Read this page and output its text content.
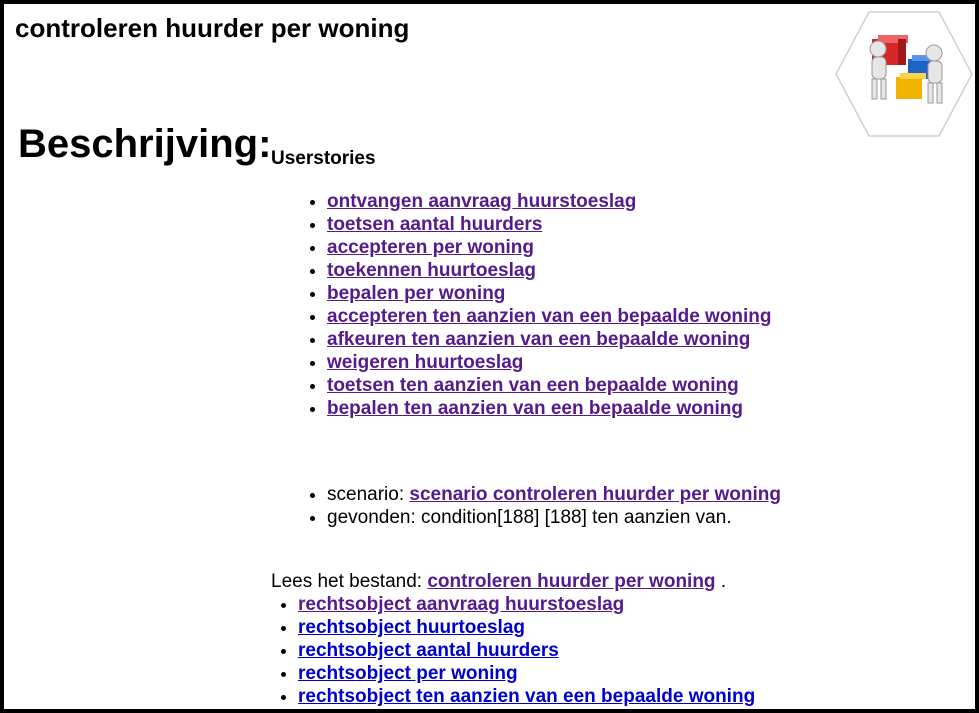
controleren huurder per woning
Beschrijving: Userstories
• ontvangen aanvraag huurstoeslag
• toetsen aantal huurders
• accepteren per woning
• toekennen huurtoeslag
• bepalen per woning
• accepteren ten aanzien van een bepaalde woning
• afkeuren ten aanzien van een bepaalde woning
• weigeren huurtoeslag
• toetsen ten aanzien van een bepaalde woning
• bepalen ten aanzien van een bepaalde woning
• scenario: scenario controleren huurder per woning
• gevonden: condition[188] [188] ten aanzien van.
Lees het bestand: controleren huurder per woning .
• rechtsobject aanvraag huurstoeslag
• rechtsobject huurtoeslag
• rechtsobject aantal huurders
• rechtsobject per woning
• rechtsobject ten aanzien van een bepaalde woning
